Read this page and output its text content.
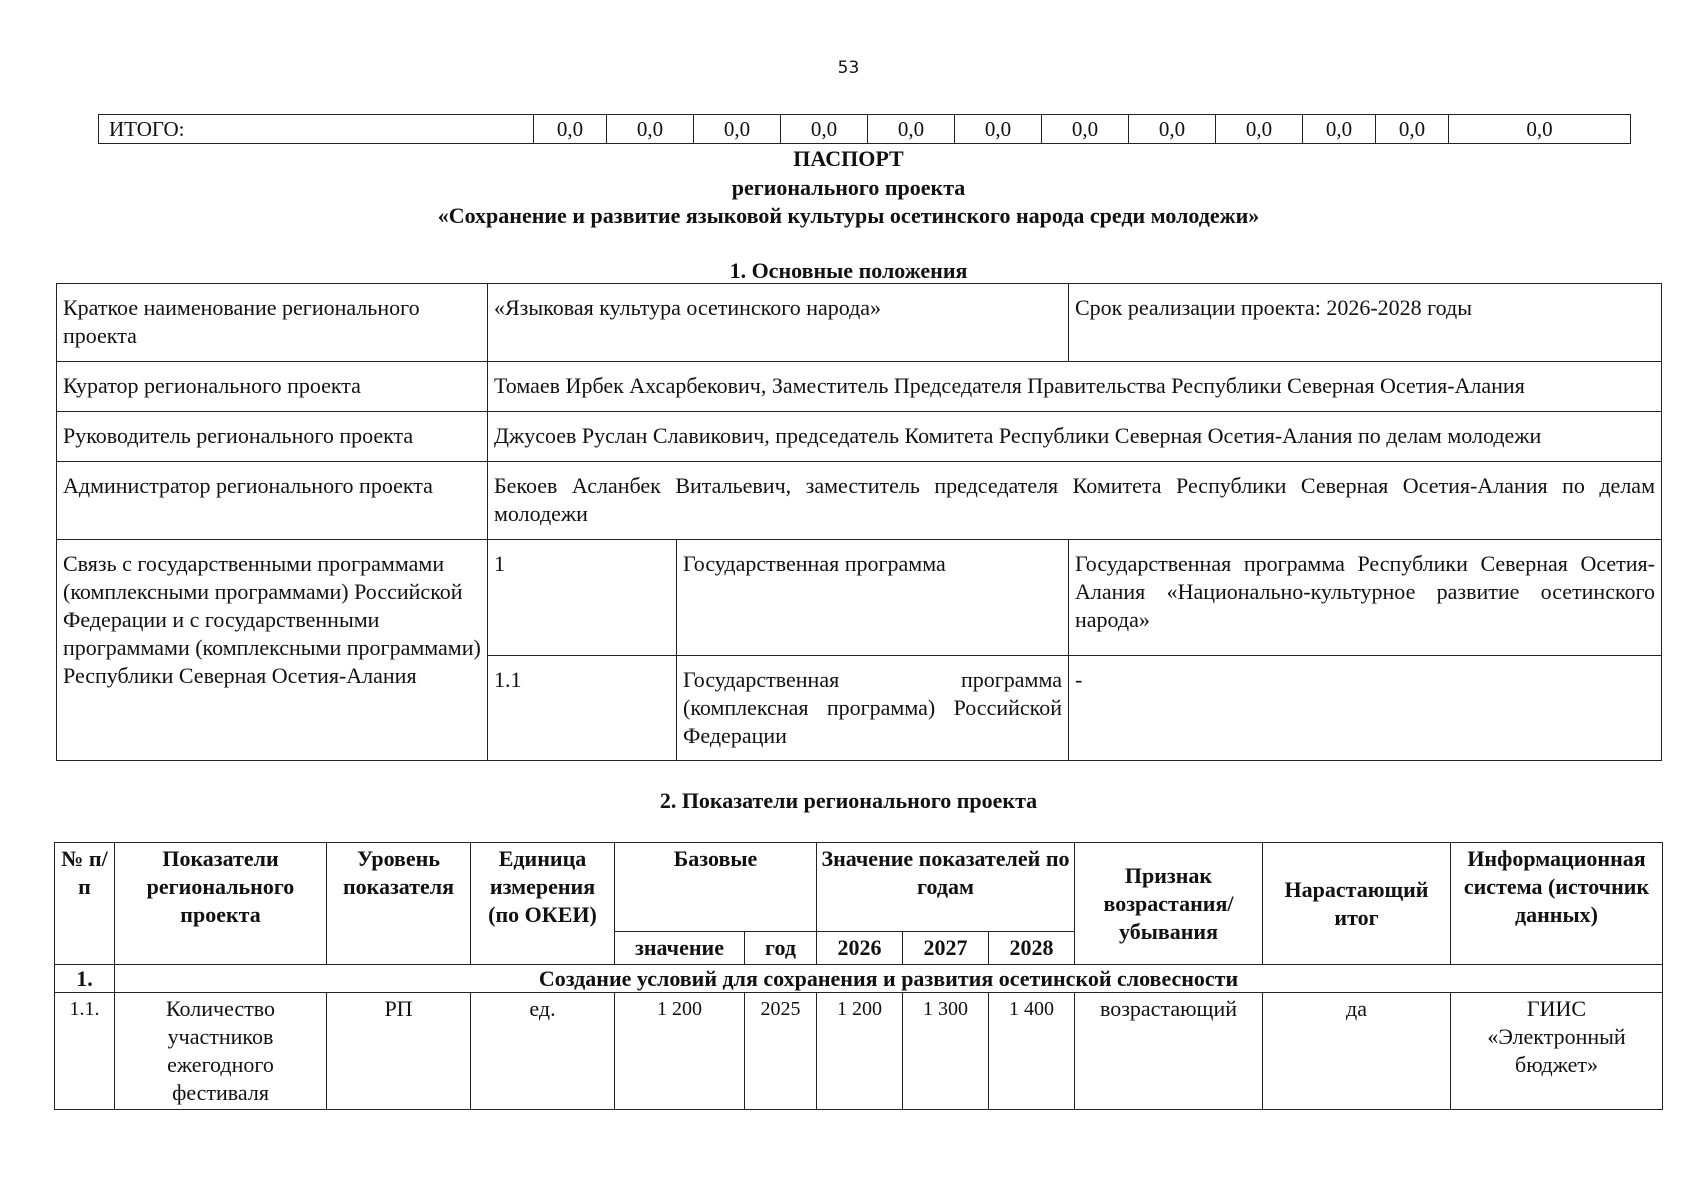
53
ИТОГО:	0,0	0,0	0,0	0,0	0,0	0,0	0,0	0,0	0,0	0,0	0,0	0,0
ПАСПОРТ
регионального проекта
«Сохранение и развитие языковой культуры осетинского народа среди молодежи»
1. Основные положения
Краткое наименование регионального проекта	«Языковая культура осетинского народа»		Срок реализации проекта: 2026-2028 годы
Куратор регионального проекта	Томаев Ирбек Ахсарбекович, Заместитель Председателя Правительства Республики Северная Осетия-Алания		
Руководитель регионального проекта	Джусоев Руслан Славикович, председатель Комитета Республики Северная Осетия-Алания по делам молодежи		
Администратор регионального проекта	Бекоев Асланбек Витальевич, заместитель председателя Комитета Республики Северная Осетия-Алания по делам молодежи		
Связь с государственными программами (комплексными программами) Российской Федерации и с государственными программами (комплексными программами) Республики Северная Осетия-Алания	1	Государственная программа	Государственная программа Республики Северная Осетия-Алания «Национально-культурное развитие осетинского народа»
	1.1	Государственная программа (комплексная программа) Российской Федерации	-
2. Показатели регионального проекта
№ п/п	Показатели регионального проекта	Уровень показателя	Единица измерения (по ОКЕИ)	Базовые		Значение показателей по годам			Признак возрастания/ убывания	Нарастающий итог	Информационная система (источник данных)
				значение	год	2026	2027	2028			
1.	Создание условий для сохранения и развития осетинской словесности										
1.1.	Количество участников ежегодного фестиваля	РП	ед.	1 200	2025	1 200	1 300	1 400	возрастающий	да	ГИИС «Электронный бюджет»
